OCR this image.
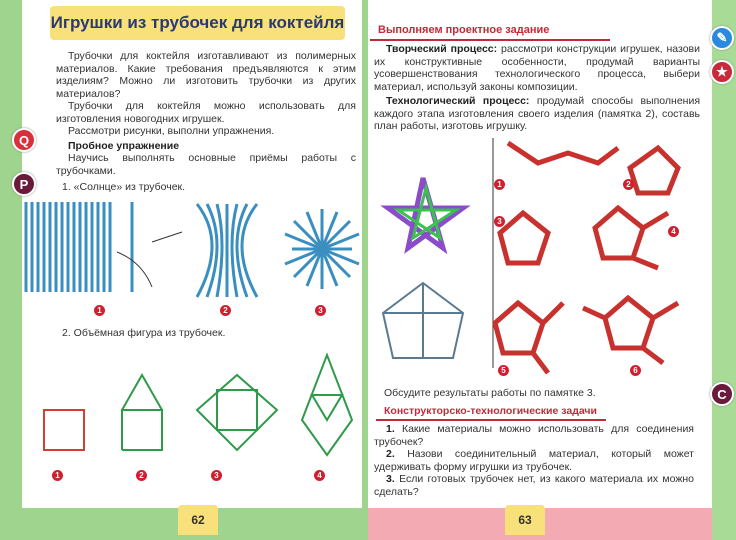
Игрушки из трубочек для коктейля
Трубочки для коктейля изготавливают из полимерных материалов. Какие требования предъявляются к этим изделиям? Можно ли изготовить трубочки из других материалов?
Трубочки для коктейля можно использовать для изготовления новогодних игрушек.
Рассмотри рисунки, выполни упражнения.
Пробное упражнение
Научись выполнять основные приёмы работы с трубочками.
1. «Солнце» из трубочек.
2. Объёмная фигура из трубочек.
1	2	3
1	2	3	4
Выполняем проектное задание
Творческий процесс: рассмотри конструкции игрушек, назови их конструктивные особенности, продумай варианты усовершенствования технологического процесса, выбери материал, используй законы композиции.
Технологический процесс: продумай способы выполнения каждого этапа изготовления своего изделия (памятка 2), составь план работы, изготовь игрушку.
1	2
3
4
5	6
Обсудите результаты работы по памятке 3.
Конструкторско-технологические задачи
1. Какие материалы можно использовать для соединения трубочек?
2. Назови соединительный материал, который может удерживать форму игрушки из трубочек.
3. Если готовых трубочек нет, из какого материала их можно сделать?
Q
P
✎
★
C
62	63
